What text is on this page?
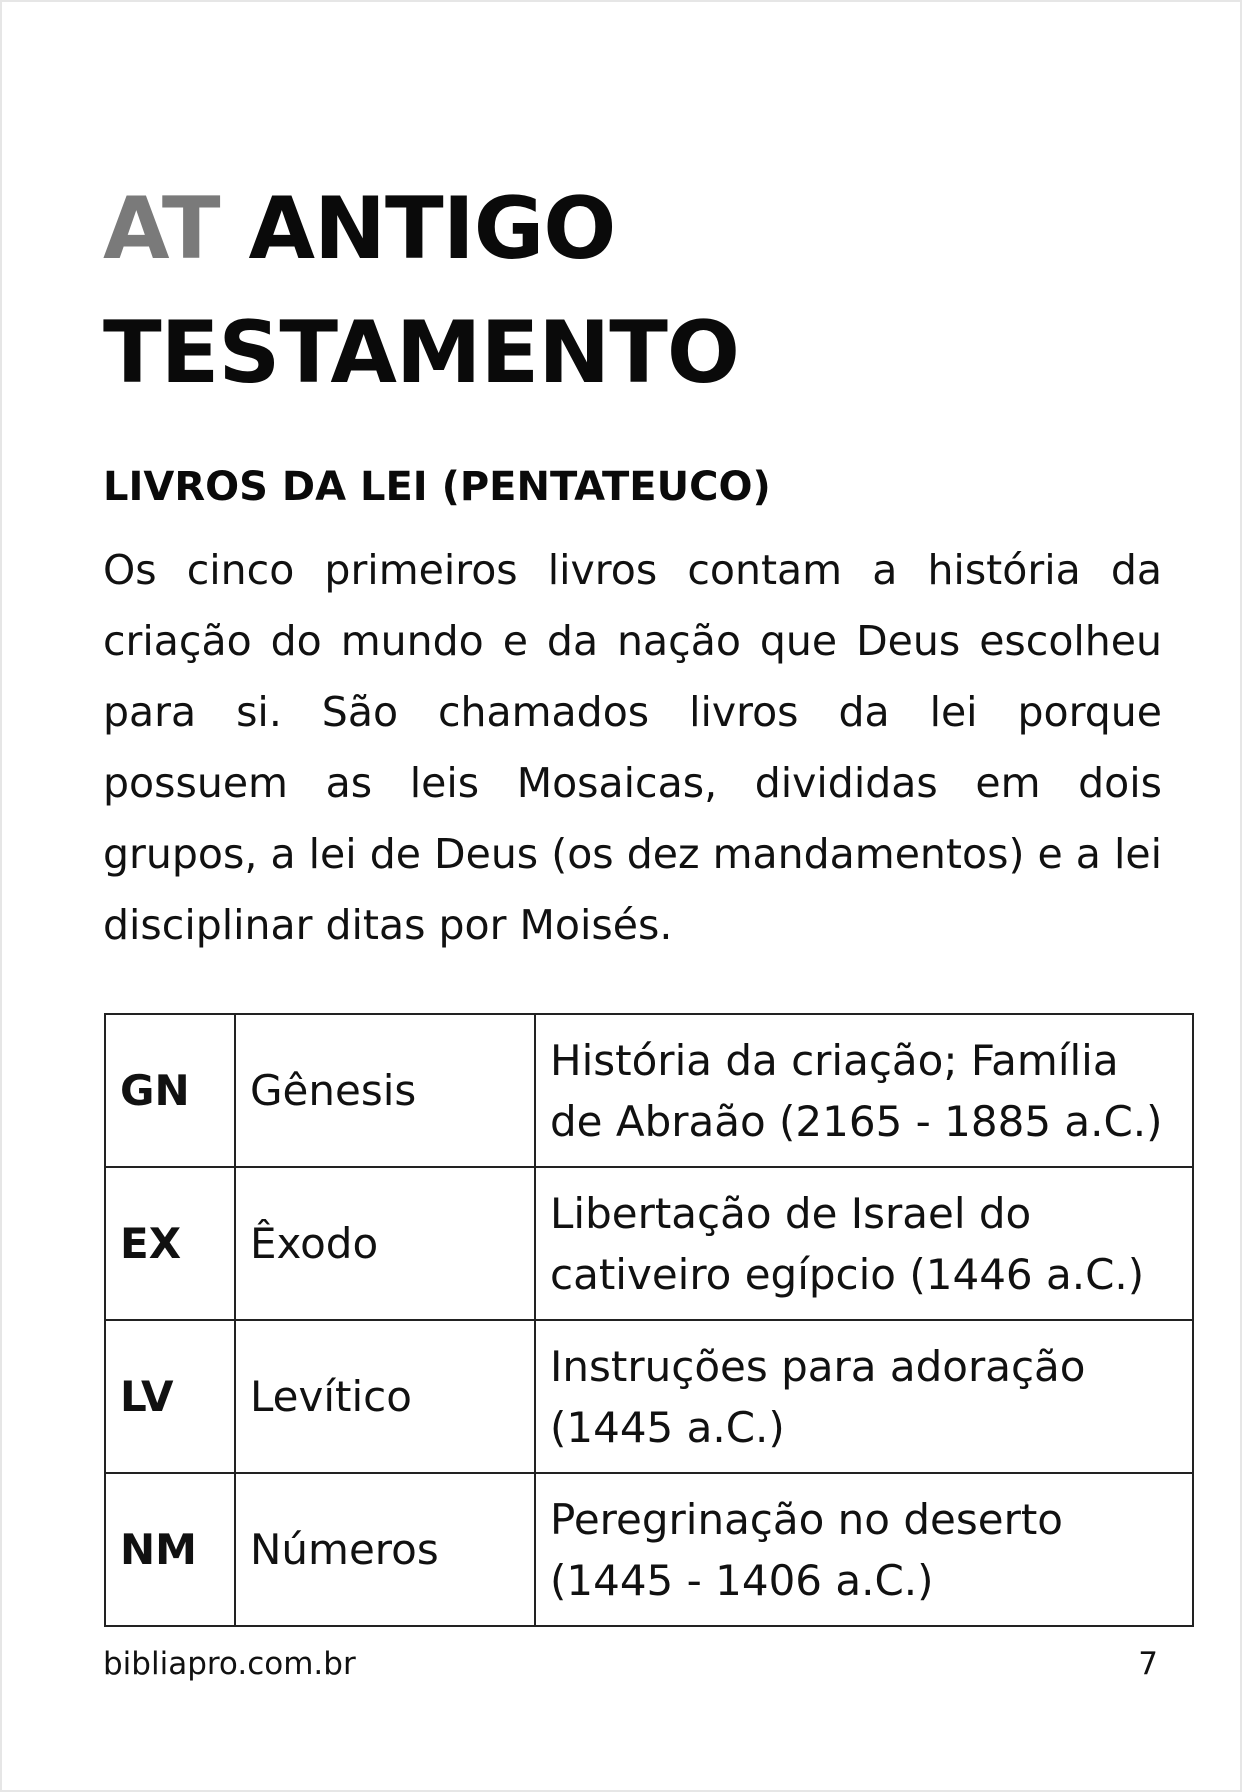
AT ANTIGO
TESTAMENTO
LIVROS DA LEI (PENTATEUCO)

Os cinco primeiros livros contam a história da criação do mundo e da nação que Deus escolheu para si. São chamados livros da lei porque possuem as leis Mosaicas, divididas em dois grupos, a lei de Deus (os dez mandamentos) e a lei disciplinar ditas por Moisés.

GN	Gênesis	História da criação; Família
de Abraão (2165 - 1885 a.C.)
EX	Êxodo	Libertação de Israel do
cativeiro egípcio (1446 a.C.)
LV	Levítico	Instruções para adoração
(1445 a.C.)
NM	Números	Peregrinação no deserto
(1445 - 1406 a.C.)
bibliapro.com.br	7
